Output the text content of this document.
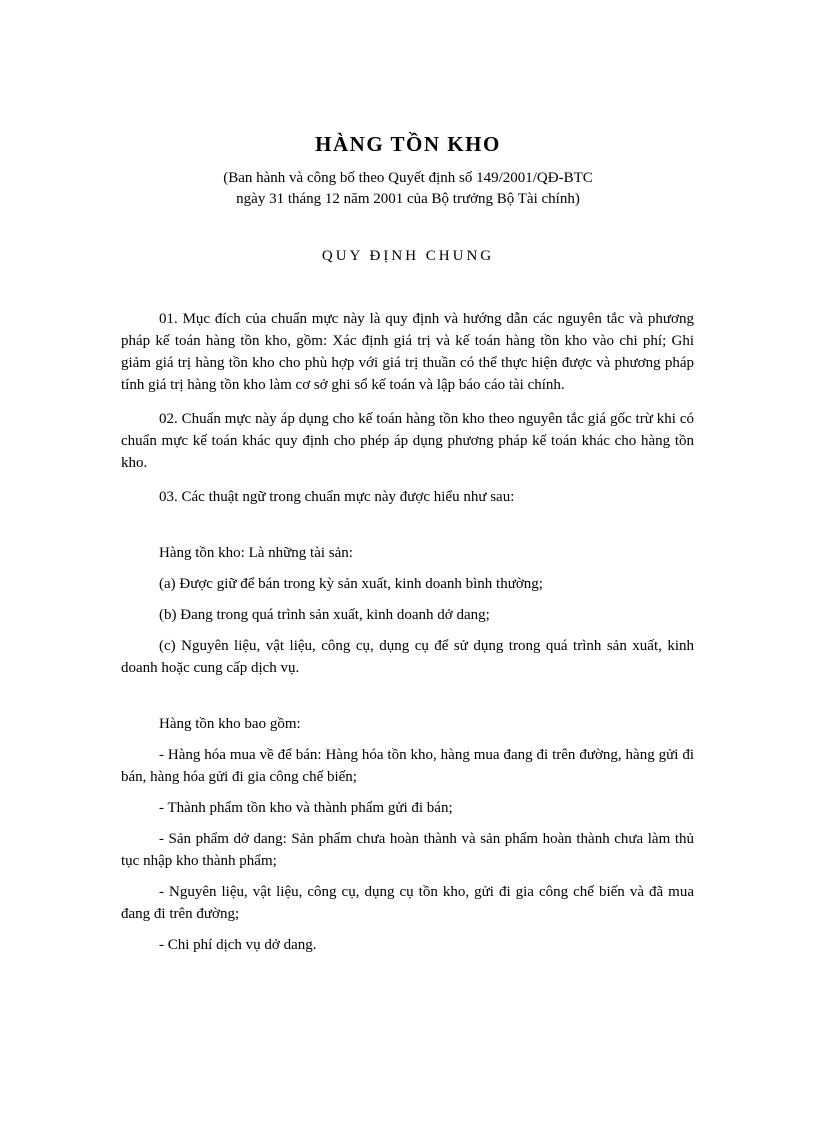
HÀNG TỒN KHO
(Ban hành và công bố theo Quyết định số 149/2001/QĐ-BTC
ngày 31 tháng 12 năm 2001 của Bộ trưởng Bộ Tài chính)
QUY ĐỊNH CHUNG

01. Mục đích của chuẩn mực này là quy định và hướng dẫn các nguyên tắc và phương pháp kế toán hàng tồn kho, gồm: Xác định giá trị và kế toán hàng tồn kho vào chi phí; Ghi giảm giá trị hàng tồn kho cho phù hợp với giá trị thuần có thể thực hiện được và phương pháp tính giá trị hàng tồn kho làm cơ sở ghi sổ kế toán và lập báo cáo tài chính.

02. Chuẩn mực này áp dụng cho kế toán hàng tồn kho theo nguyên tắc giá gốc trừ khi có chuẩn mực kế toán khác quy định cho phép áp dụng phương pháp kế toán khác cho hàng tồn kho.

03. Các thuật ngữ trong chuẩn mực này được hiểu như sau:

Hàng tồn kho: Là những tài sản:

(a) Được giữ để bán trong kỳ sản xuất, kinh doanh bình thường;

(b) Đang trong quá trình sản xuất, kinh doanh dở dang;

(c) Nguyên liệu, vật liệu, công cụ, dụng cụ để sử dụng trong quá trình sản xuất, kinh doanh hoặc cung cấp dịch vụ.

Hàng tồn kho bao gồm:

- Hàng hóa mua về để bán: Hàng hóa tồn kho, hàng mua đang đi trên đường, hàng gửi đi bán, hàng hóa gửi đi gia công chế biến;

- Thành phẩm tồn kho và thành phẩm gửi đi bán;

- Sản phẩm dở dang: Sản phẩm chưa hoàn thành và sản phẩm hoàn thành chưa làm thủ tục nhập kho thành phẩm;

- Nguyên liệu, vật liệu, công cụ, dụng cụ tồn kho, gửi đi gia công chế biến và đã mua đang đi trên đường;

- Chi phí dịch vụ dở dang.
